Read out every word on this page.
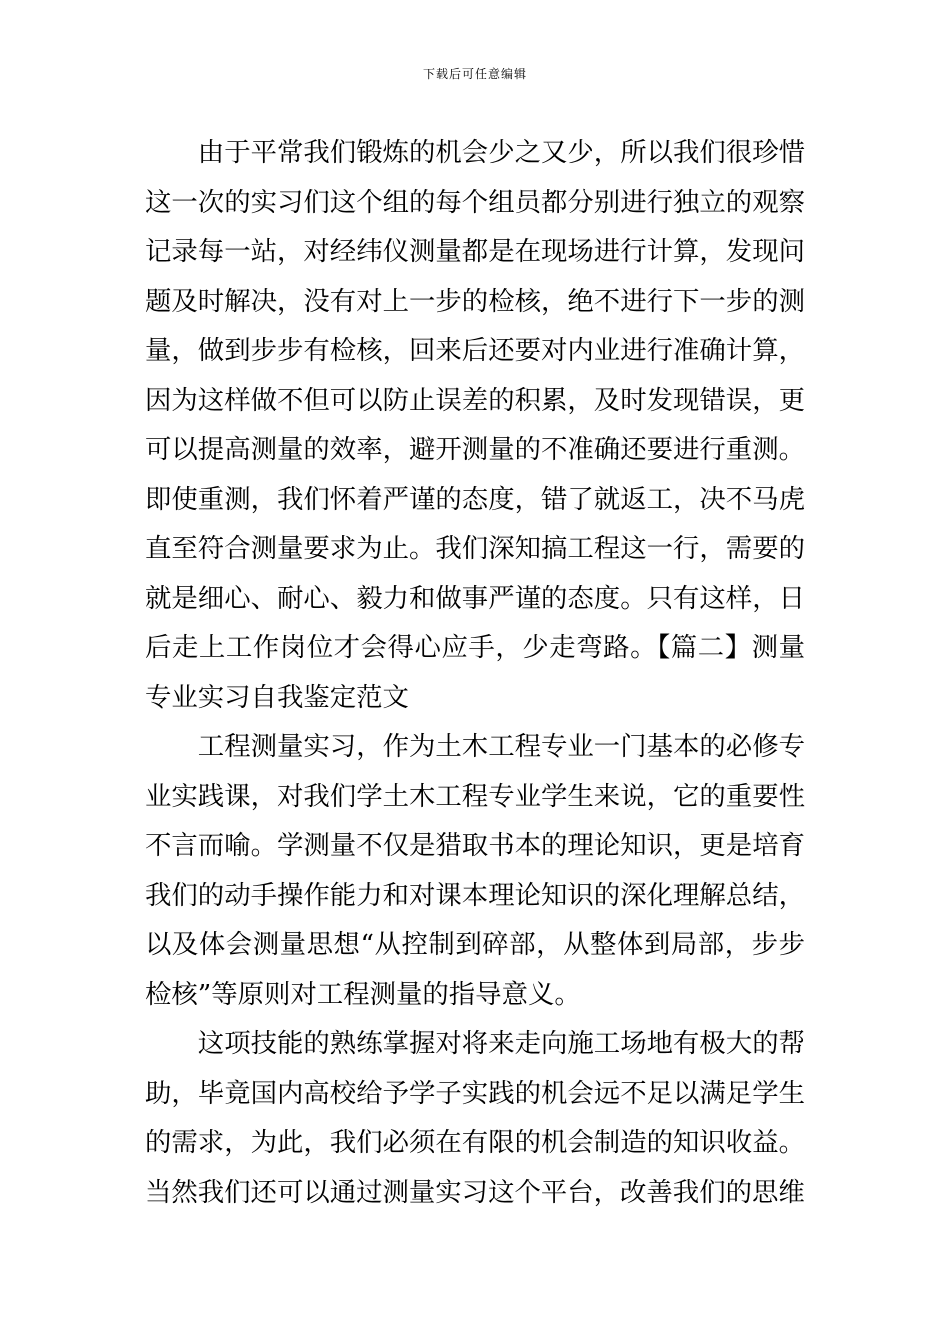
下载后可任意编辑

由于平常我们锻炼的机会少之又少，所以我们很珍惜这一次的实习们这个组的每个组员都分别进行独立的观察记录每一站，对经纬仪测量都是在现场进行计算，发现问题及时解决，没有对上一步的检核，绝不进行下一步的测量，做到步步有检核，回来后还要对内业进行准确计算，因为这样做不但可以防止误差的积累，及时发现错误，更可以提高测量的效率，避开测量的不准确还要进行重测。即使重测，我们怀着严谨的态度，错了就返工，决不马虎直至符合测量要求为止。我们深知搞工程这一行，需要的就是细心、耐心、毅力和做事严谨的态度。只有这样，日后走上工作岗位才会得心应手，少走弯路。【篇二】测量专业实习自我鉴定范文

工程测量实习，作为土木工程专业一门基本的必修专业实践课，对我们学土木工程专业学生来说，它的重要性不言而喻。学测量不仅是猎取书本的理论知识，更是培育我们的动手操作能力和对课本理论知识的深化理解总结，以及体会测量思想“从控制到碎部，从整体到局部，步步检核”等原则对工程测量的指导意义。

这项技能的熟练掌握对将来走向施工场地有极大的帮助，毕竟国内高校给予学子实践的机会远不足以满足学生的需求，为此，我们必须在有限的机会制造的知识收益。当然我们还可以通过测量实习这个平台，改善我们的思维
